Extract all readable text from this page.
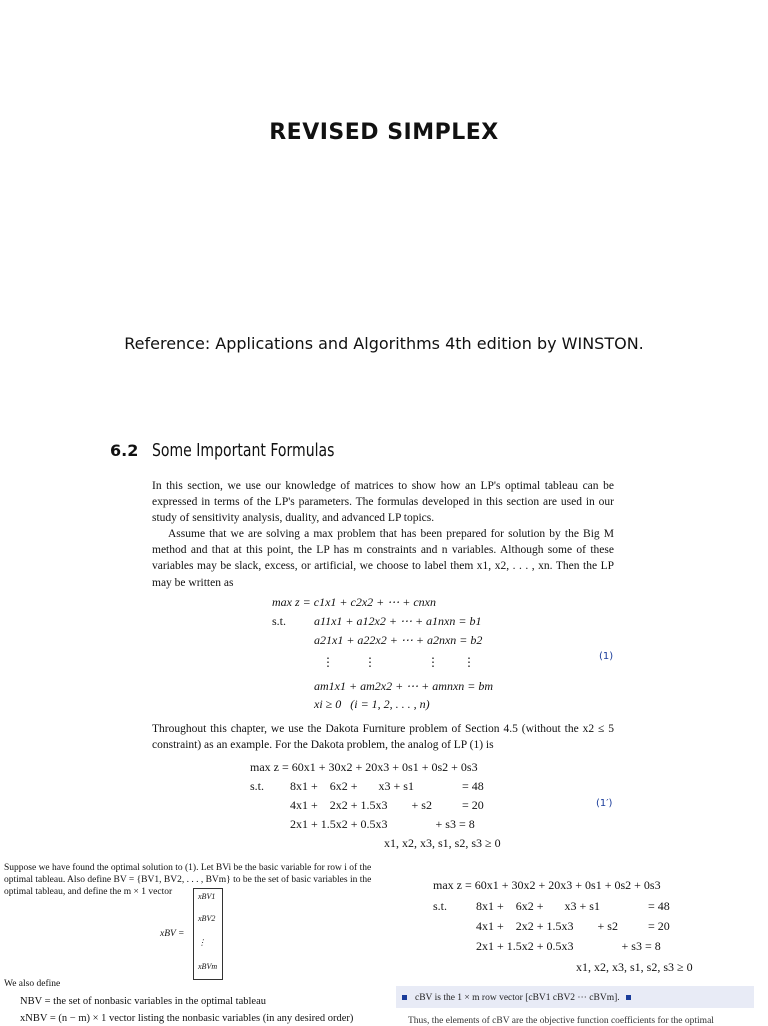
REVISED SIMPLEX
Reference: Applications and Algorithms 4th edition by WINSTON.
6.2 Some Important Formulas

In this section, we use our knowledge of matrices to show how an LP's optimal tableau can be expressed in terms of the LP's parameters. The formulas developed in this section are used in our study of sensitivity analysis, duality, and advanced LP topics.

Assume that we are solving a max problem that has been prepared for solution by the Big M method and that at this point, the LP has m constraints and n variables. Although some of these variables may be slack, excess, or artificial, we choose to label them x1, x2, . . . , xn. Then the LP may be written as

max z = c1x1 + c2x2 + ⋯ + cnxn
s.t. a11x1 + a12x2 + ⋯ + a1nxn = b1
a21x1 + a22x2 + ⋯ + a2nxn = b2
⋮          ⋮                 ⋮        ⋮	(1)
am1x1 + am2x2 + ⋯ + amnxn = bm
xi ≥ 0   (i = 1, 2, . . . , n)

Throughout this chapter, we use the Dakota Furniture problem of Section 4.5 (without the x2 ≤ 5 constraint) as an example. For the Dakota problem, the analog of LP (1) is

max z = 60x1 + 30x2 + 20x3 + 0s1 + 0s2 + 0s3
s.t. 8x1 +    6x2 +       x3 + s1                = 48
4x1 +    2x2 + 1.5x3        + s2          = 20	(1′)
2x1 + 1.5x2 + 0.5x3                + s3 = 8
x1, x2, x3, s1, s2, s3 ≥ 0

Suppose we have found the optimal solution to (1). Let BVi be the basic variable for row i of the optimal tableau. Also define BV = {BV1, BV2, . . . , BVm} to be the set of basic variables in the optimal tableau, and define the m × 1 vector

xBV =
xBV1
xBV2
⋮
xBVm
We also define
NBV = the set of nonbasic variables in the optimal tableau
xNBV = (n − m) × 1 vector listing the nonbasic variables (in any desired order)
max z = 60x1 + 30x2 + 20x3 + 0s1 + 0s2 + 0s3
s.t. 8x1 +    6x2 +       x3 + s1                = 48
4x1 +    2x2 + 1.5x3        + s2          = 20
2x1 + 1.5x2 + 0.5x3                + s3 = 8
x1, x2, x3, s1, s2, s3 ≥ 0
cBV is the 1 × m row vector [cBV1 cBV2 ⋯ cBVm].
Thus, the elements of cBV are the objective function coefficients for the optimal
